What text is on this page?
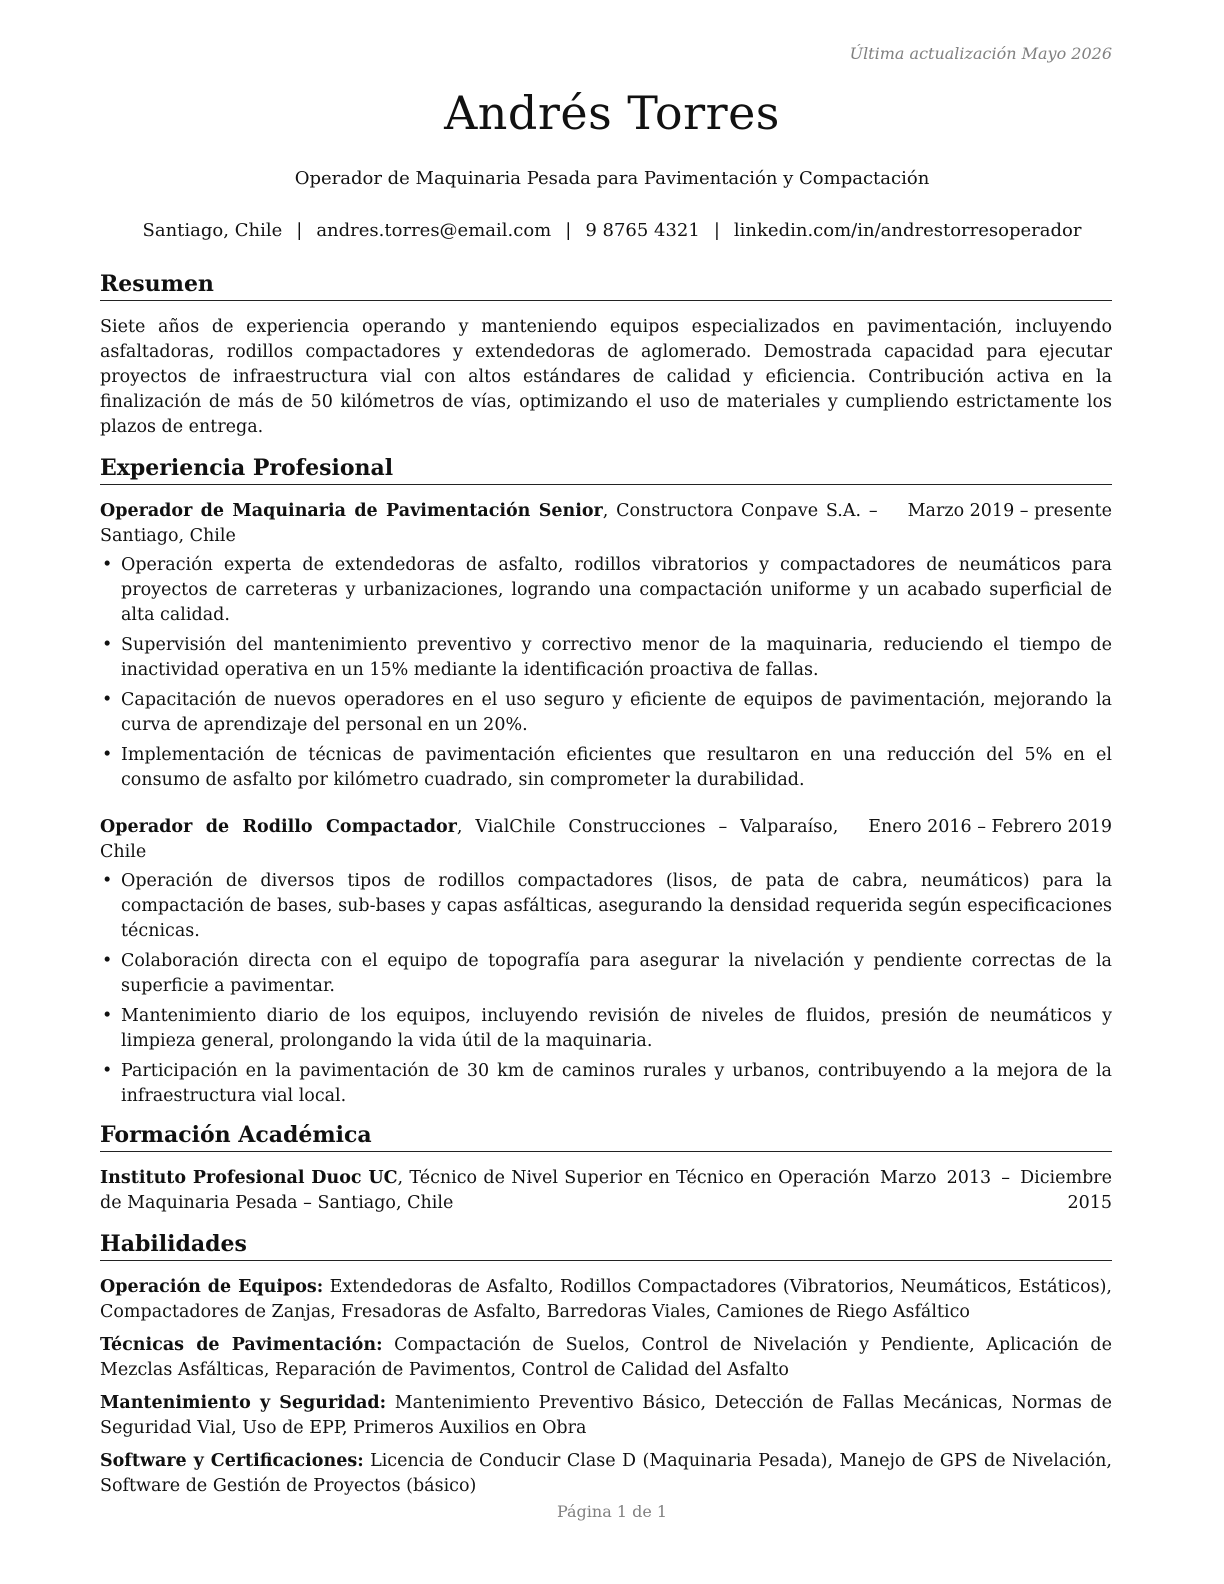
Última actualización Mayo 2026
Andrés Torres
Operador de Maquinaria Pesada para Pavimentación y Compactación
Santiago, Chile | andres.torres@email.com | 9 8765 4321 | linkedin.com/in/andrestorresoperador
Resumen

Siete años de experiencia operando y manteniendo equipos especializados en pavimentación, incluyendo asfaltadoras, rodillos compactadores y extendedoras de aglomerado. Demostrada capacidad para ejecutar proyectos de infraestructura vial con altos estándares de calidad y eficiencia. Contribución activa en la finalización de más de 50 kilómetros de vías, optimizando el uso de materiales y cumpliendo estrictamente los plazos de entrega.

Experiencia Profesional
Operador de Maquinaria de Pavimentación Senior, Constructora Conpave S.A. – Santiago, Chile
Marzo 2019 – presente
• Operación experta de extendedoras de asfalto, rodillos vibratorios y compactadores de neumáticos para proyectos de carreteras y urbanizaciones, logrando una compactación uniforme y un acabado superficial de alta calidad.
• Supervisión del mantenimiento preventivo y correctivo menor de la maquinaria, reduciendo el tiempo de inactividad operativa en un 15% mediante la identificación proactiva de fallas.
• Capacitación de nuevos operadores en el uso seguro y eficiente de equipos de pavimentación, mejorando la curva de aprendizaje del personal en un 20%.
• Implementación de técnicas de pavimentación eficientes que resultaron en una reducción del 5% en el consumo de asfalto por kilómetro cuadrado, sin comprometer la durabilidad.
Operador de Rodillo Compactador, VialChile Construcciones – Valparaíso, Chile
Enero 2016 – Febrero 2019
• Operación de diversos tipos de rodillos compactadores (lisos, de pata de cabra, neumáticos) para la compactación de bases, sub-bases y capas asfálticas, asegurando la densidad requerida según especificaciones técnicas.
• Colaboración directa con el equipo de topografía para asegurar la nivelación y pendiente correctas de la superficie a pavimentar.
• Mantenimiento diario de los equipos, incluyendo revisión de niveles de fluidos, presión de neumáticos y limpieza general, prolongando la vida útil de la maquinaria.
• Participación en la pavimentación de 30 km de caminos rurales y urbanos, contribuyendo a la mejora de la infraestructura vial local.
Formación Académica
Instituto Profesional Duoc UC, Técnico de Nivel Superior en Técnico en Operación de Maquinaria Pesada – Santiago, Chile
Marzo 2013 – Diciembre 2015
Habilidades

Operación de Equipos: Extendedoras de Asfalto, Rodillos Compactadores (Vibratorios, Neumáticos, Estáticos), Compactadores de Zanjas, Fresadoras de Asfalto, Barredoras Viales, Camiones de Riego Asfáltico

Técnicas de Pavimentación: Compactación de Suelos, Control de Nivelación y Pendiente, Aplicación de Mezclas Asfálticas, Reparación de Pavimentos, Control de Calidad del Asfalto

Mantenimiento y Seguridad: Mantenimiento Preventivo Básico, Detección de Fallas Mecánicas, Normas de Seguridad Vial, Uso de EPP, Primeros Auxilios en Obra

Software y Certificaciones: Licencia de Conducir Clase D (Maquinaria Pesada), Manejo de GPS de Nivelación, Software de Gestión de Proyectos (básico)

Página 1 de 1
